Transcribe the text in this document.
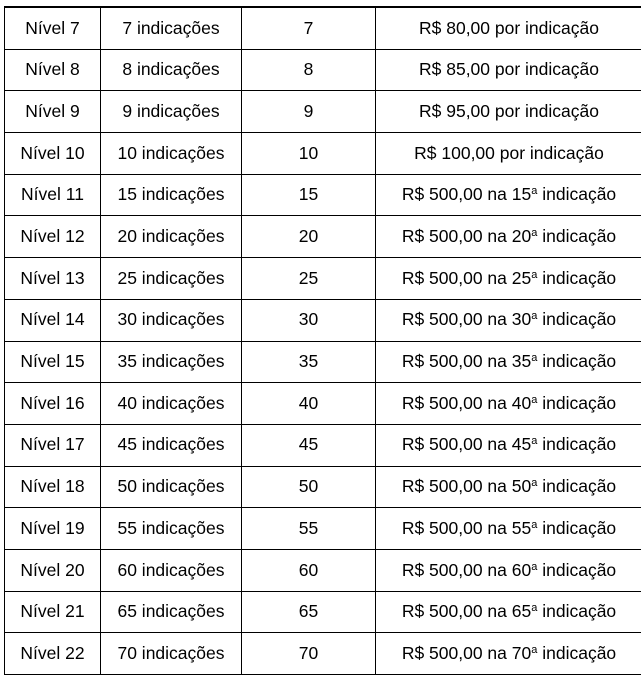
Nível 7	7 indicações	7	R$ 80,00 por indicação
Nível 8	8 indicações	8	R$ 85,00 por indicação
Nível 9	9 indicações	9	R$ 95,00 por indicação
Nível 10	10 indicações	10	R$ 100,00 por indicação
Nível 11	15 indicações	15	R$ 500,00 na 15$^a$ indicação
Nível 12	20 indicações	20	R$ 500,00 na 20$^a$ indicação
Nível 13	25 indicações	25	R$ 500,00 na 25$^a$ indicação
Nível 14	30 indicações	30	R$ 500,00 na 30$^a$ indicação
Nível 15	35 indicações	35	R$ 500,00 na 35$^a$ indicação
Nível 16	40 indicações	40	R$ 500,00 na 40$^a$ indicação
Nível 17	45 indicações	45	R$ 500,00 na 45$^a$ indicação
Nível 18	50 indicações	50	R$ 500,00 na 50$^a$ indicação
Nível 19	55 indicações	55	R$ 500,00 na 55$^a$ indicação
Nível 20	60 indicações	60	R$ 500,00 na 60$^a$ indicação
Nível 21	65 indicações	65	R$ 500,00 na 65$^a$ indicação
Nível 22	70 indicações	70	R$ 500,00 na 70$^a$ indicação
